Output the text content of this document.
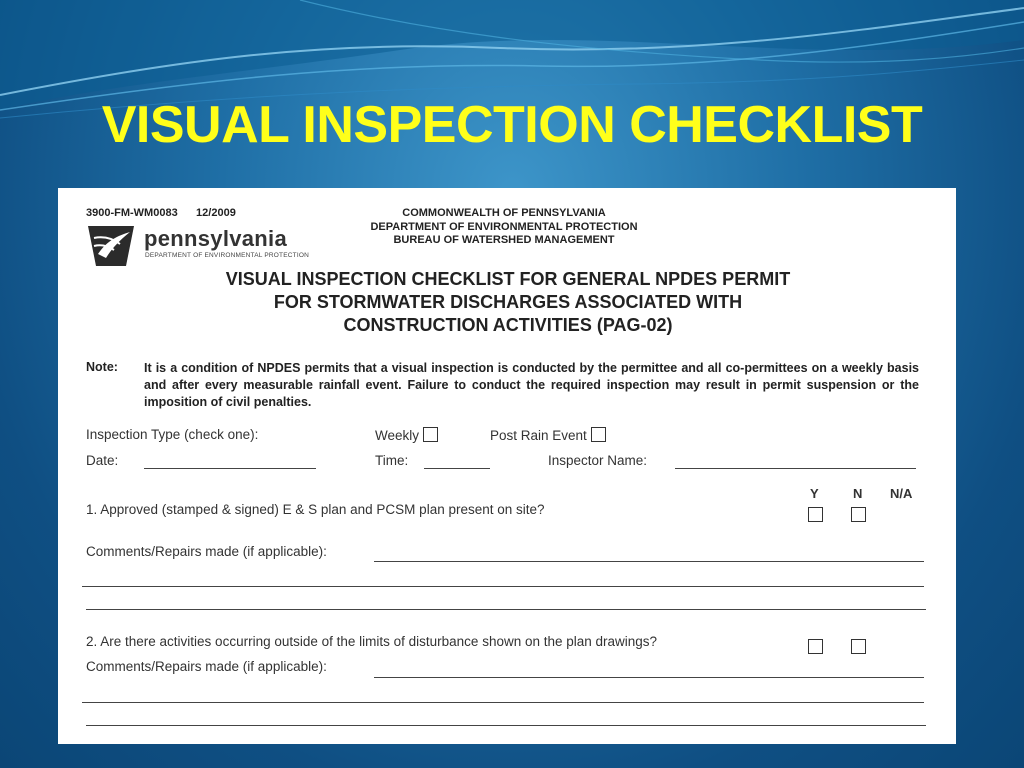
VISUAL INSPECTION CHECKLIST
3900-FM-WM0083 12/2009	COMMONWEALTH OF PENNSYLVANIA
DEPARTMENT OF ENVIRONMENTAL PROTECTION
BUREAU OF WATERSHED MANAGEMENT
pennsylvania
DEPARTMENT OF ENVIRONMENTAL PROTECTION
VISUAL INSPECTION CHECKLIST FOR GENERAL NPDES PERMIT
FOR STORMWATER DISCHARGES ASSOCIATED WITH
CONSTRUCTION ACTIVITIES (PAG-02)
Note: It is a condition of NPDES permits that a visual inspection is conducted by the permittee and all co-permittees on a weekly basis and after every measurable rainfall event. Failure to conduct the required inspection may result in permit suspension or the imposition of civil penalties.
Inspection Type (check one):	Weekly	Post Rain Event
Date:	Time:	Inspector Name:
Y	N N/A
1. Approved (stamped & signed) E & S plan and PCSM plan present on site?
Comments/Repairs made (if applicable):
2. Are there activities occurring outside of the limits of disturbance shown on the plan drawings?
Comments/Repairs made (if applicable):
